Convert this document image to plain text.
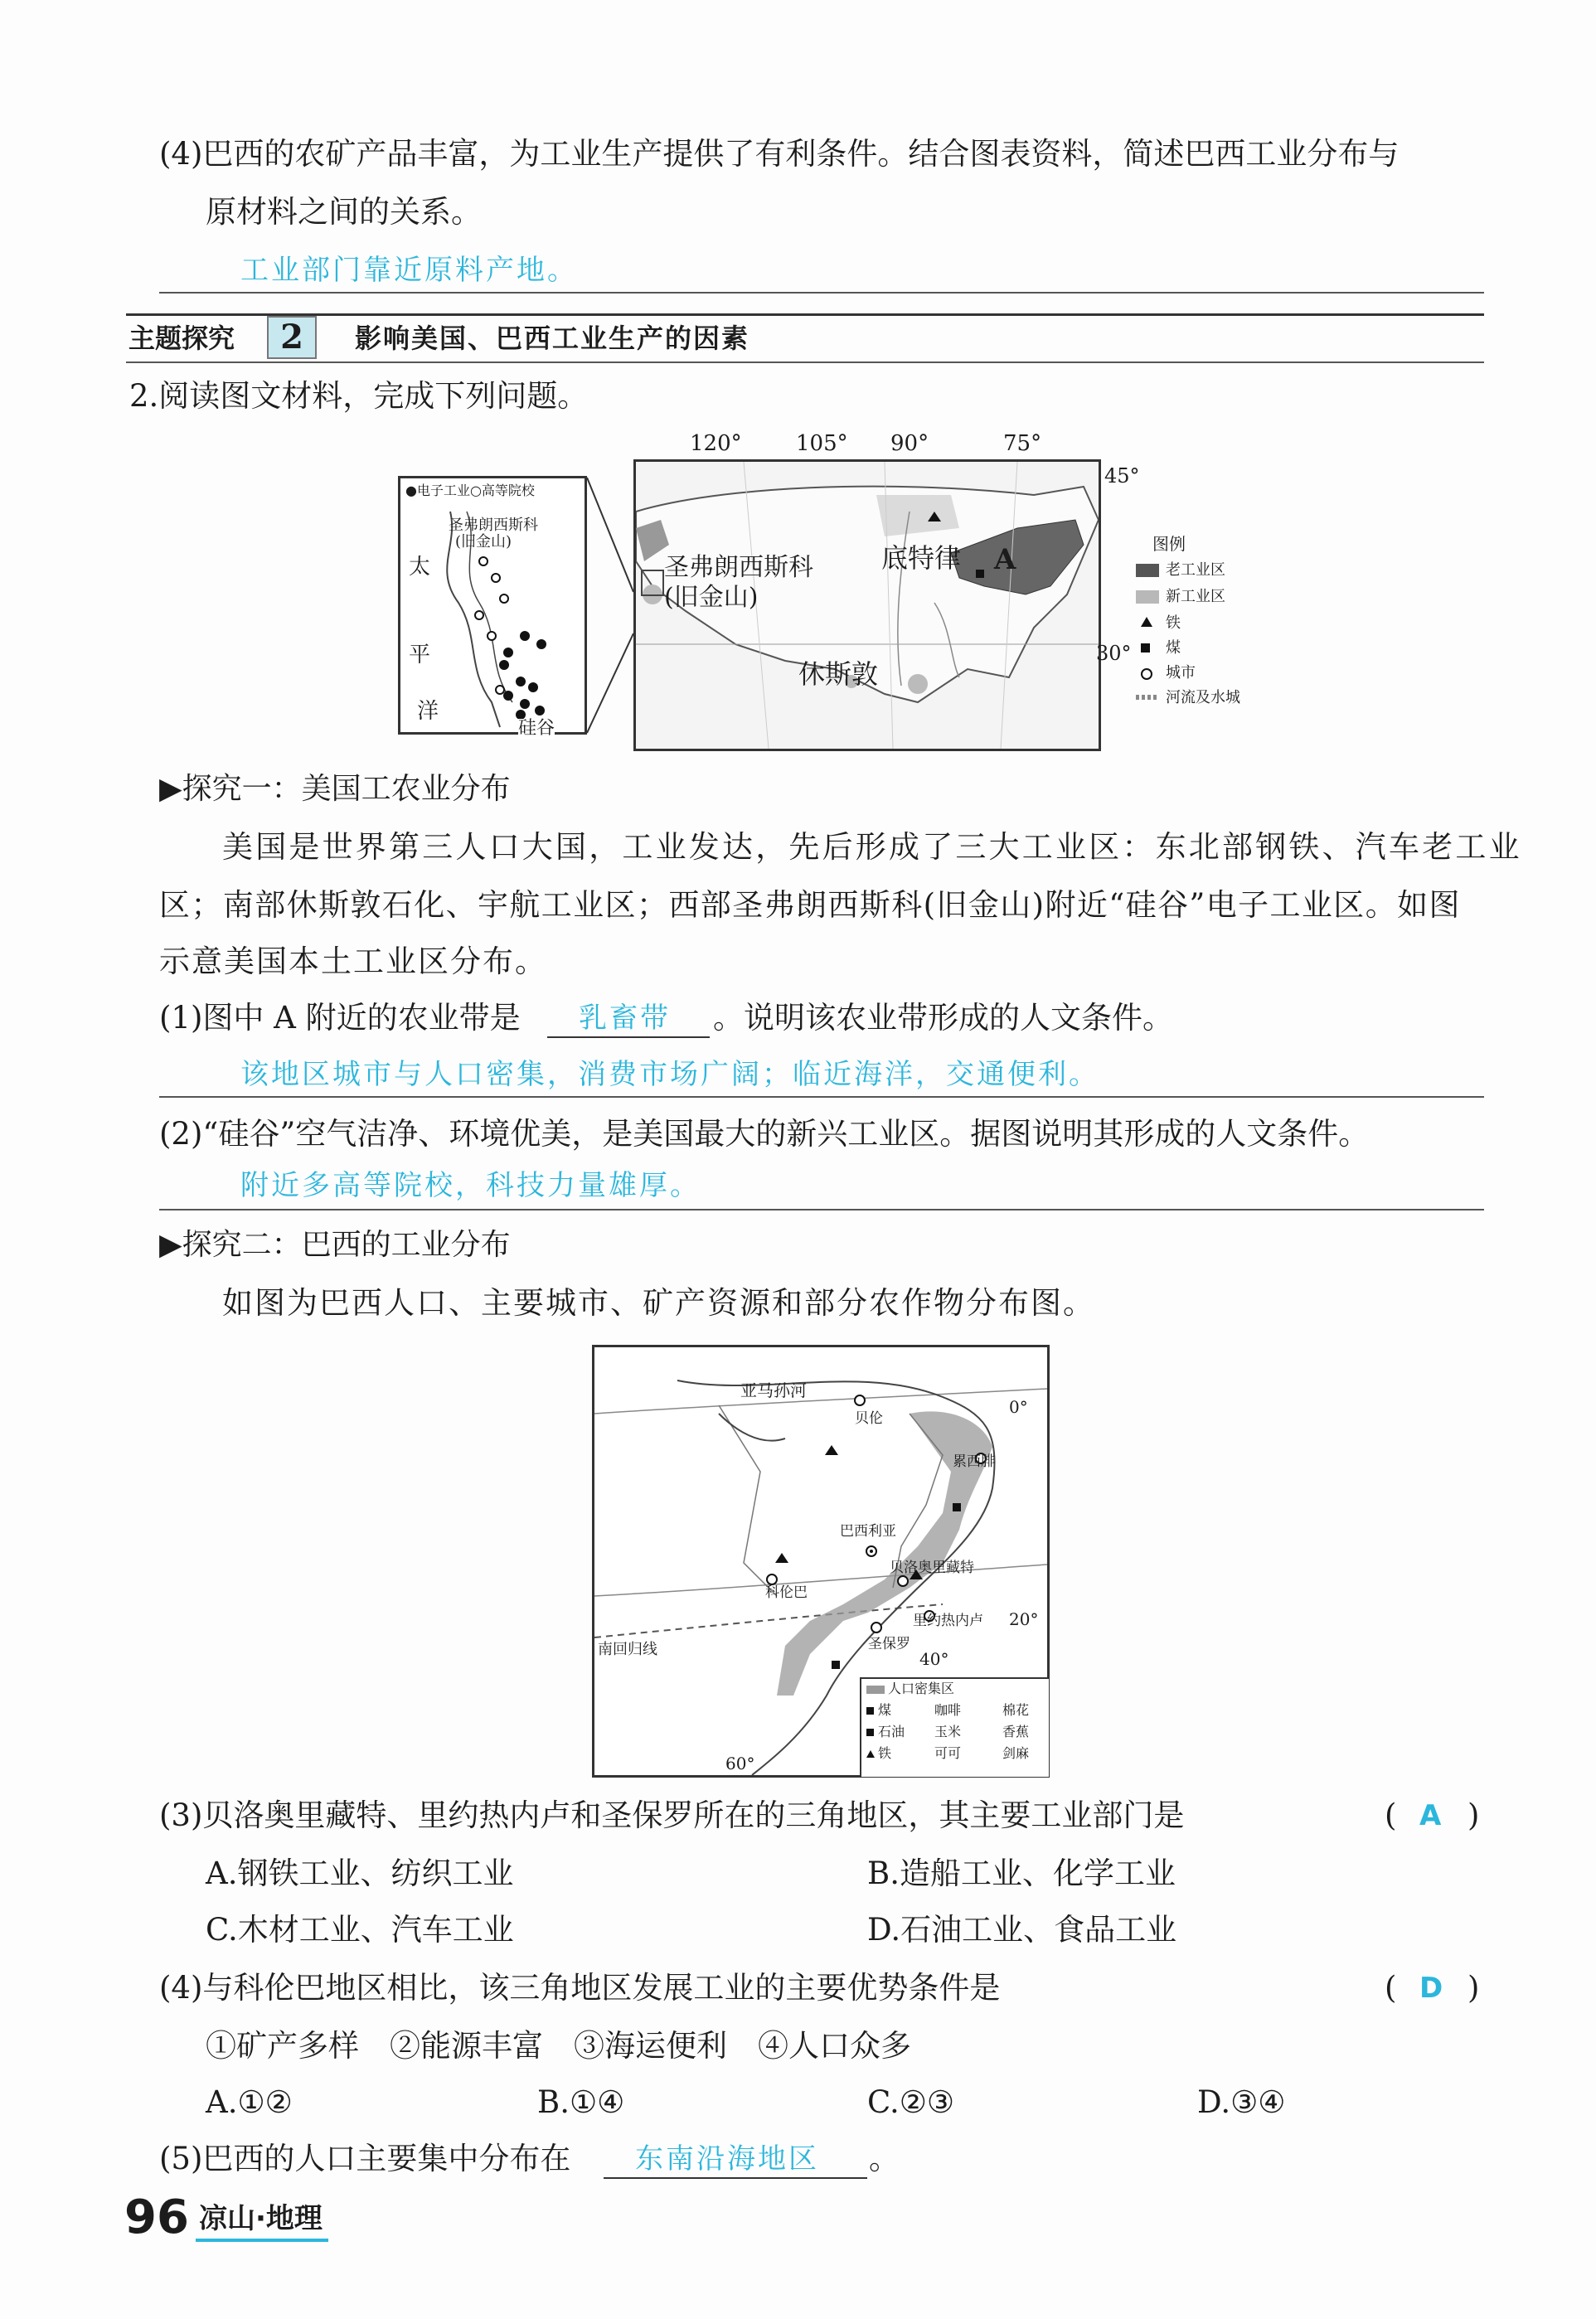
(4)巴西的农矿产品丰富，为工业生产提供了有利条件。结合图表资料，简述巴西工业分布与
原材料之间的关系。
工业部门靠近原料产地。
主题探究	2	影响美国、巴西工业生产的因素
2.阅读图文材料，完成下列问题。
120°	105° 90°	75°
●电子工业○高等院校
圣弗朗西斯科
(旧金山)
太
平
洋
硅谷
圣弗朗西斯科
(旧金山)
底特律 A
休斯敦
45°
30°
图例
老工业区
新工业区
铁
煤
城市
河流及水城
▶探究一：美国工农业分布
美国是世界第三人口大国，工业发达，先后形成了三大工业区：东北部钢铁、汽车老工业
区；南部休斯敦石化、宇航工业区；西部圣弗朗西斯科(旧金山)附近“硅谷”电子工业区。如图
示意美国本土工业区分布。
(1)图中 A 附近的农业带是 乳畜带 。说明该农业带形成的人文条件。
该地区城市与人口密集，消费市场广阔；临近海洋，交通便利。
(2)“硅谷”空气洁净、环境优美，是美国最大的新兴工业区。据图说明其形成的人文条件。
附近多高等院校，科技力量雄厚。
▶探究二：巴西的工业分布
如图为巴西人口、主要城市、矿产资源和部分农作物分布图。
亚马孙河
0°
20°
40°
60°
南回归线
贝伦
累西腓
巴西利亚
贝洛奥里藏特
科伦巴
里约热内卢
圣保罗
人口密集区
煤	咖啡	棉花
石油 玉米	香蕉
铁	可可	剑麻
(3)贝洛奥里藏特、里约热内卢和圣保罗所在的三角地区，其主要工业部门是	( A )
A.钢铁工业、纺织工业	B.造船工业、化学工业
C.木材工业、汽车工业	D.石油工业、食品工业
(4)与科伦巴地区相比，该三角地区发展工业的主要优势条件是	( D )
①矿产多样　②能源丰富　③海运便利　④人口众多
A.①②	B.①④	C.②③	D.③④
(5)巴西的人口主要集中分布在 东南沿海地区 。
96 凉山·地理
